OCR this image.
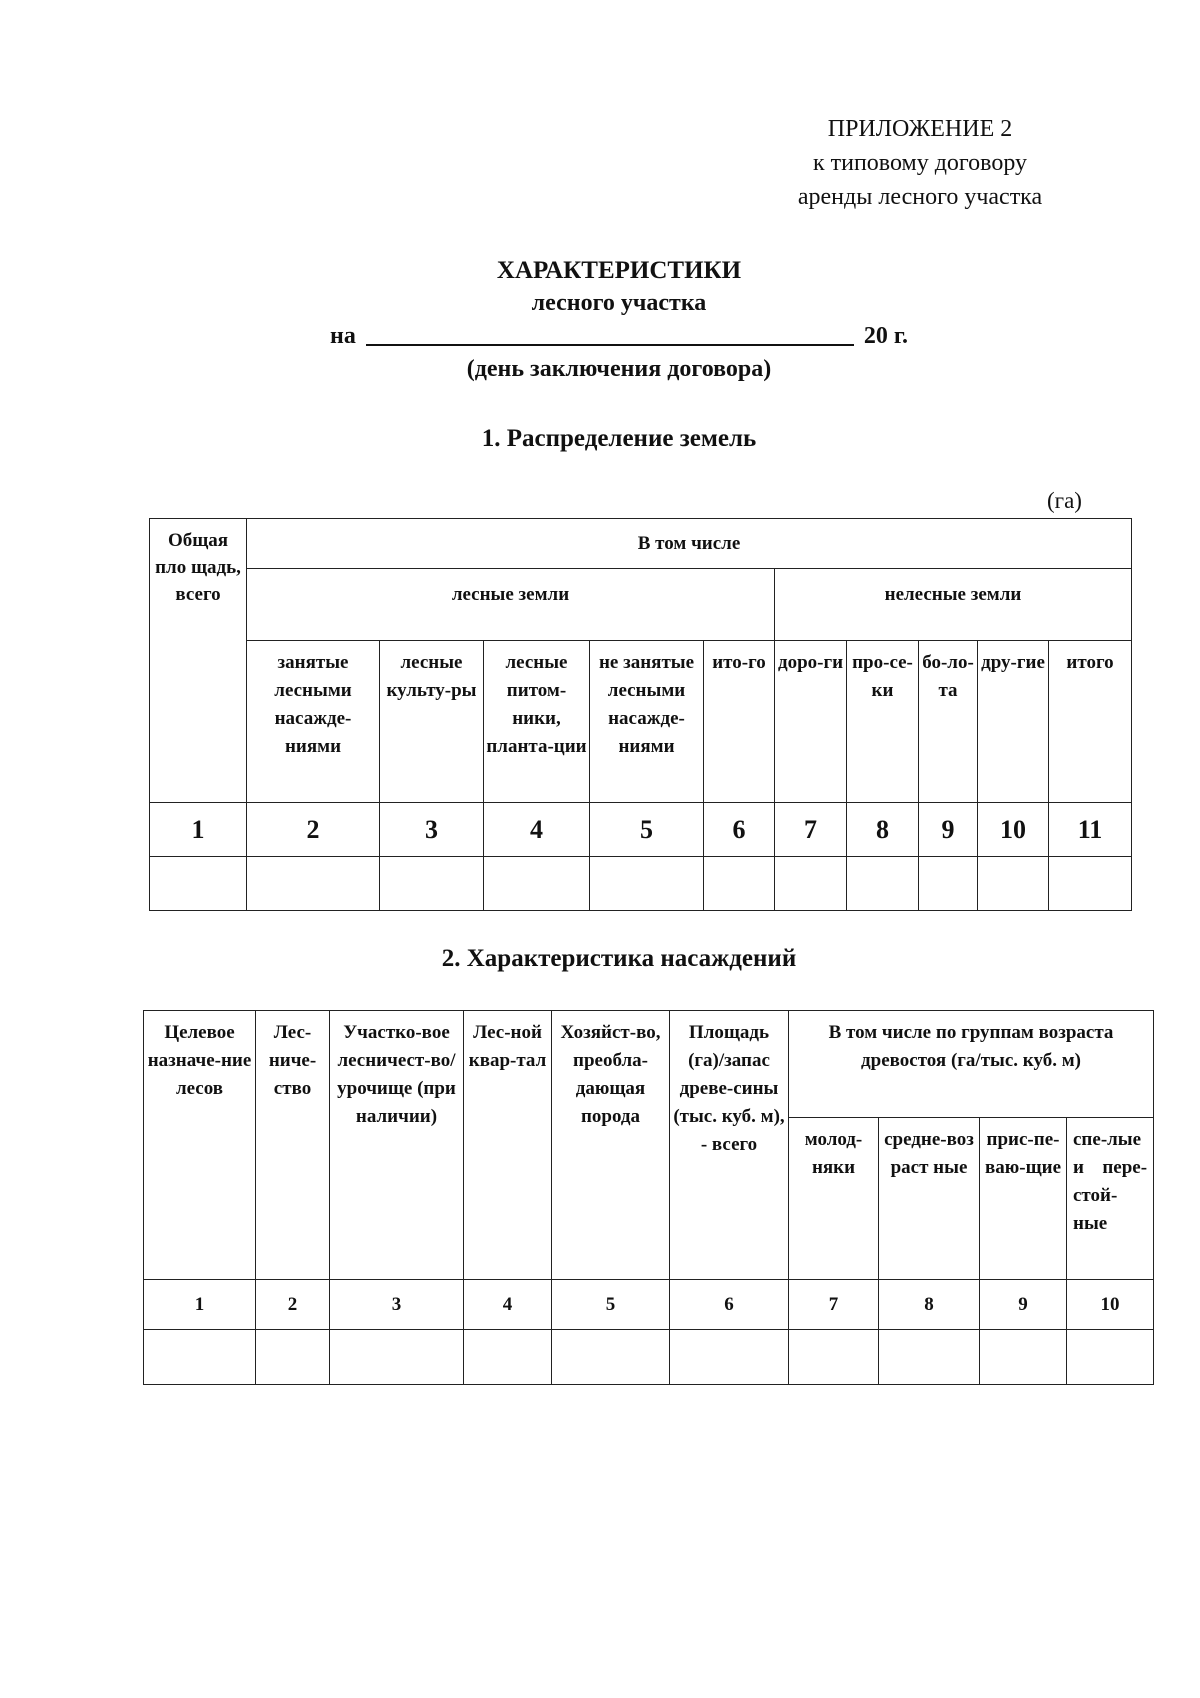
ПРИЛОЖЕНИЕ 2
к типовому договору
аренды лесного участка
ХАРАКТЕРИСТИКИ
лесного участка
на	20 г.
(день заключения договора)
1. Распределение земель
(га)
Общая пло щадь, всего	В том числе									
	лесные земли					нелесные земли				
	занятые лесными насажде-ниями	лесные культу-ры	лесные питом-ники, планта-ции	не занятые лесными насажде-ниями	ито-го	доро-ги	про-се-ки	бо-ло-та	дру-гие	итого
1	2	3	4	5	6	7	8	9	10	11

2. Характеристика насаждений
Целевое назначе-ние лесов	Лес-ниче-ство	Участко-вое лесничест-во/ урочище (при наличии)	Лес-ной квар-тал	Хозяйст-во, преобла-дающая порода	Площадь (га)/запас древе-сины (тыс. куб. м), - всего	В том числе по группам возраста древостоя (га/тыс. куб. м)			
						молод-няки	средне-воз раст ные	прис-пе-ваю-щие	спе-лые и пере-стой-ные
1	2	3	4	5	6	7	8	9	10
